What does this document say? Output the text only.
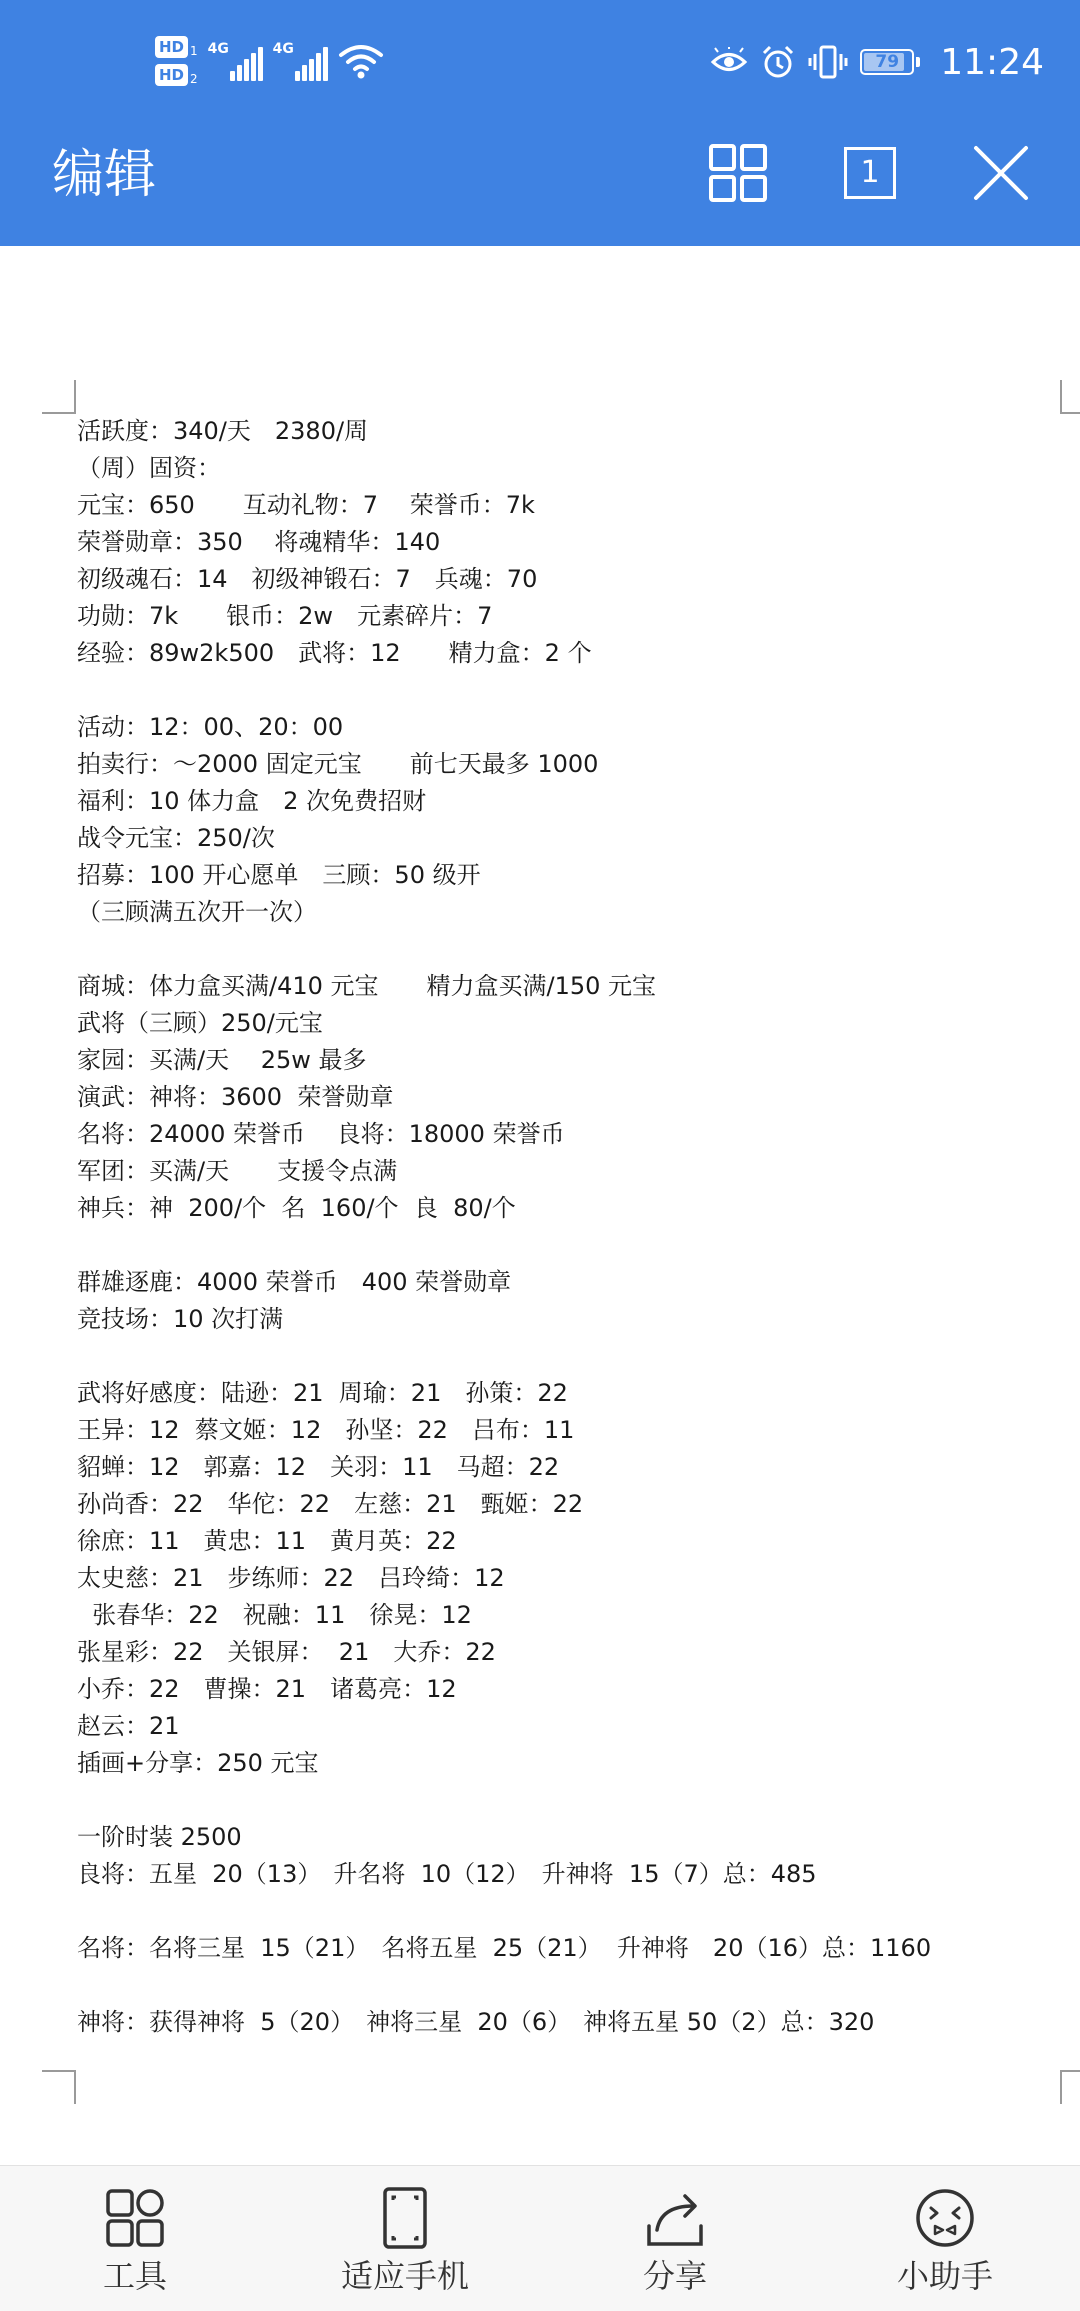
HD 1
HD 2
4G	4G
79	11:24
编辑	1
活跃度：340/天　2380/周
（周）固资：
元宝：650　　互动礼物：7　 荣誉币：7k
荣誉勋章：350　 将魂精华：140
初级魂石：14　初级神锻石：7　兵魂：70
功勋：7k　　银币：2w　元素碎片：7
经验：89w2k500　武将：12　　精力盒：2 个
活动：12：00、20：00
拍卖行：～2000 固定元宝　　前七天最多 1000
福利：10 体力盒　2 次免费招财
战令元宝：250/次
招募：100 开心愿单　三顾：50 级开
（三顾满五次开一次）
商城：体力盒买满/410 元宝　　精力盒买满/150 元宝
武将（三顾）250/元宝
家园：买满/天　 25w 最多
演武：神将：3600  荣誉勋章
名将：24000 荣誉币　 良将：18000 荣誉币
军团：买满/天　　支援令点满
神兵：神  200/个  名  160/个  良  80/个
群雄逐鹿：4000 荣誉币　400 荣誉勋章
竞技场：10 次打满
武将好感度：陆逊：21  周瑜：21　孙策：22
王异：12  蔡文姬：12　孙坚：22　吕布：11
貂蝉：12　郭嘉：12　关羽：11　马超：22
孙尚香：22　华佗：22　左慈：21　甄姬：22
徐庶：11　黄忠：11　黄月英：22
太史慈：21　步练师：22　吕玲绮：12
张春华：22　祝融：11　徐晃：12
张星彩：22　关银屏：  21　大乔：22
小乔：22　曹操：21　诸葛亮：12
赵云：21
插画+分享：250 元宝
一阶时装 2500
良将：五星  20（13）　升名将  10（12）　升神将  15（7）总：485
名将：名将三星  15（21）　名将五星  25（21）  升神将　20（16）总：1160
神将：获得神将  5（20）　神将三星  20（6）　神将五星 50（2）总：320
工具	适应手机	分享	小助手
